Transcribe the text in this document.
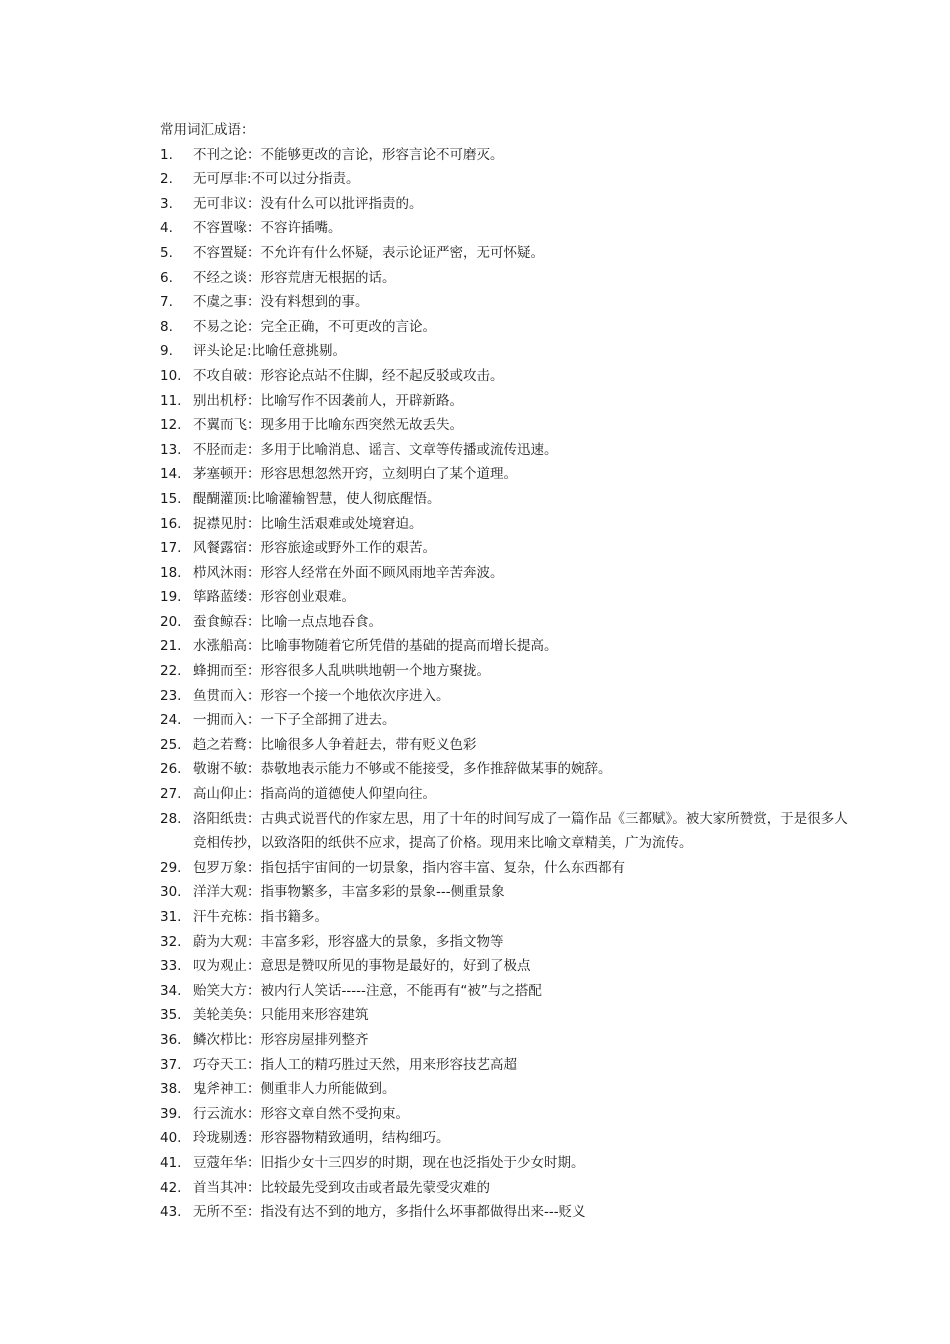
常用词汇成语：
1.	不刊之论：不能够更改的言论，形容言论不可磨灭。
2.	无可厚非:不可以过分指责。
3.	无可非议：没有什么可以批评指责的。
4.	不容置喙：不容许插嘴。
5.	不容置疑：不允许有什么怀疑，表示论证严密，无可怀疑。
6.	不经之谈：形容荒唐无根据的话。
7.	不虞之事：没有料想到的事。
8.	不易之论：完全正确，不可更改的言论。
9.	评头论足:比喻任意挑剔。
10. 不攻自破：形容论点站不住脚，经不起反驳或攻击。
11. 别出机杼：比喻写作不因袭前人，开辟新路。
12. 不翼而飞：现多用于比喻东西突然无故丢失。
13. 不胫而走：多用于比喻消息、谣言、文章等传播或流传迅速。
14. 茅塞顿开：形容思想忽然开窍，立刻明白了某个道理。
15. 醍醐灌顶:比喻灌输智慧，使人彻底醒悟。
16. 捉襟见肘：比喻生活艰难或处境窘迫。
17. 风餐露宿：形容旅途或野外工作的艰苦。
18. 栉风沐雨：形容人经常在外面不顾风雨地辛苦奔波。
19. 筚路蓝缕：形容创业艰难。
20. 蚕食鲸吞：比喻一点点地吞食。
21. 水涨船高：比喻事物随着它所凭借的基础的提高而增长提高。
22. 蜂拥而至：形容很多人乱哄哄地朝一个地方聚拢。
23. 鱼贯而入：形容一个接一个地依次序进入。
24. 一拥而入：一下子全部拥了进去。
25. 趋之若鹜：比喻很多人争着赶去，带有贬义色彩
26. 敬谢不敏：恭敬地表示能力不够或不能接受，多作推辞做某事的婉辞。
27. 高山仰止：指高尚的道德使人仰望向往。
28. 洛阳纸贵：古典式说晋代的作家左思，用了十年的时间写成了一篇作品《三都赋》。被大家所赞赏，于是很多人竞相传抄，以致洛阳的纸供不应求，提高了价格。现用来比喻文章精美，广为流传。
29. 包罗万象：指包括宇宙间的一切景象，指内容丰富、复杂，什么东西都有
30. 洋洋大观：指事物繁多，丰富多彩的景象---侧重景象
31. 汗牛充栋：指书籍多。
32. 蔚为大观：丰富多彩，形容盛大的景象，多指文物等
33. 叹为观止：意思是赞叹所见的事物是最好的，好到了极点
34. 贻笑大方：被内行人笑话-----注意，不能再有“被”与之搭配
35. 美轮美奂：只能用来形容建筑
36. 鳞次栉比：形容房屋排列整齐
37. 巧夺天工：指人工的精巧胜过天然，用来形容技艺高超
38. 鬼斧神工：侧重非人力所能做到。
39. 行云流水：形容文章自然不受拘束。
40. 玲珑剔透：形容器物精致通明，结构细巧。
41. 豆蔻年华：旧指少女十三四岁的时期，现在也泛指处于少女时期。
42. 首当其冲：比较最先受到攻击或者最先蒙受灾难的
43. 无所不至：指没有达不到的地方，多指什么坏事都做得出来---贬义
